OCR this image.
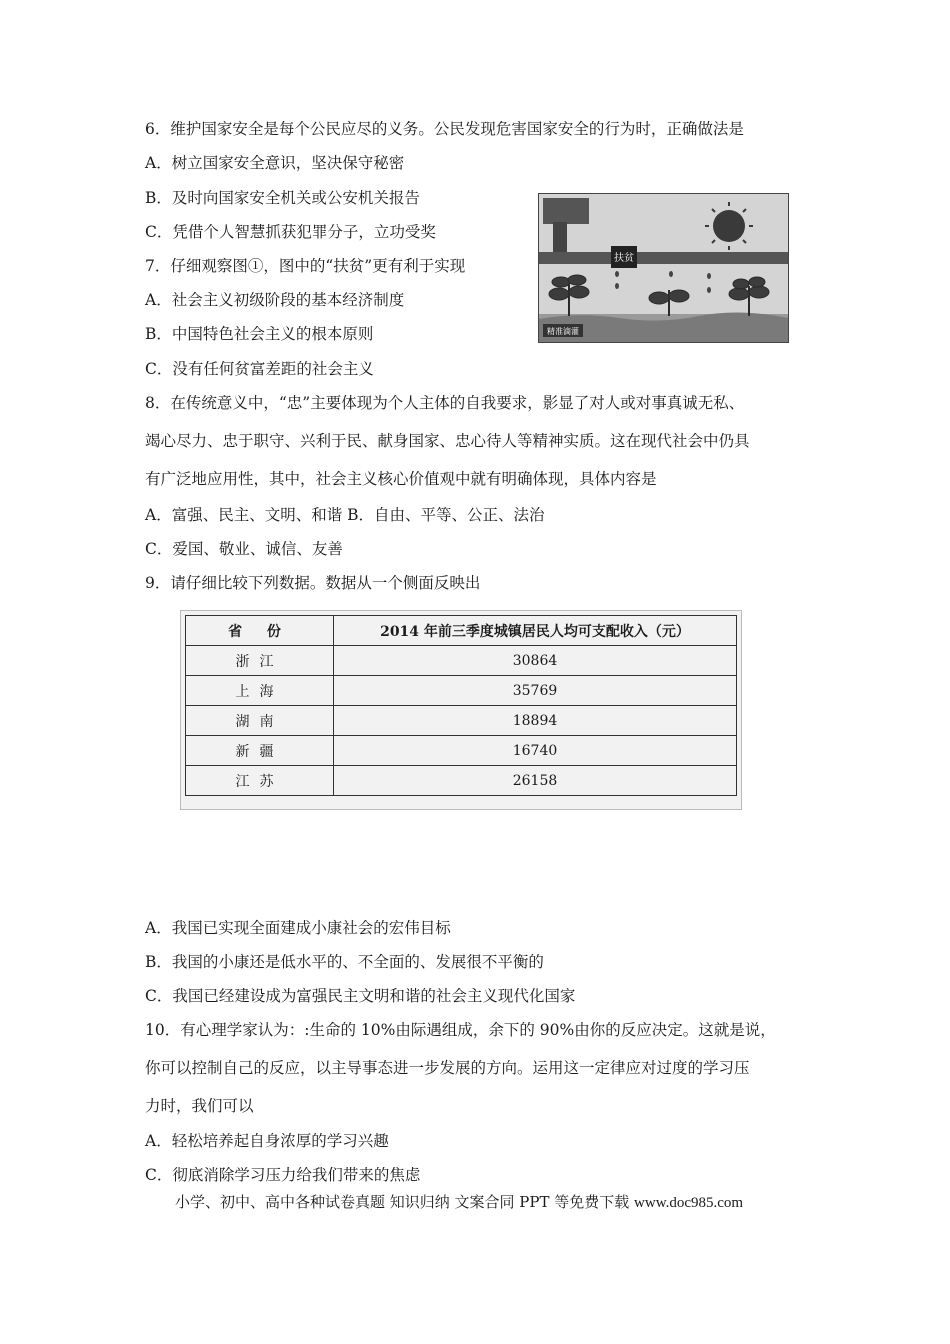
6．维护国家安全是每个公民应尽的义务。公民发现危害国家安全的行为时，正确做法是
A．树立国家安全意识，坚决保守秘密
B．及时向国家安全机关或公安机关报告
C．凭借个人智慧抓获犯罪分子，立功受奖
7．仔细观察图①，图中的“扶贫”更有利于实现
A．社会主义初级阶段的基本经济制度
B．中国特色社会主义的根本原则
C．没有任何贫富差距的社会主义
扶贫
精准滴灌
8．在传统意义中，“忠”主要体现为个人主体的自我要求，影显了对人或对事真诚无私、
竭心尽力、忠于职守、兴利于民、献身国家、忠心待人等精神实质。这在现代社会中仍具
有广泛地应用性，其中，社会主义核心价值观中就有明确体现，具体内容是
A．富强、民主、文明、和谐 B．自由、平等、公正、法治
C．爱国、敬业、诚信、友善
9．请仔细比较下列数据。数据从一个侧面反映出
省 份	2014 年前三季度城镇居民人均可支配收入（元）
浙江	30864
上海	35769
湖南	18894
新疆	16740
江苏	26158
A．我国已实现全面建成小康社会的宏伟目标
B．我国的小康还是低水平的、不全面的、发展很不平衡的
C．我国已经建设成为富强民主文明和谐的社会主义现代化国家
10．有心理学家认为：:生命的 10%由际遇组成，余下的 90%由你的反应决定。这就是说，
你可以控制自己的反应，以主导事态进一步发展的方向。运用这一定律应对过度的学习压
力时，我们可以
A．轻松培养起自身浓厚的学习兴趣
C．彻底消除学习压力给我们带来的焦虑
小学、初中、高中各种试卷真题 知识归纳 文案合同 PPT 等免费下载 www.doc985.com
